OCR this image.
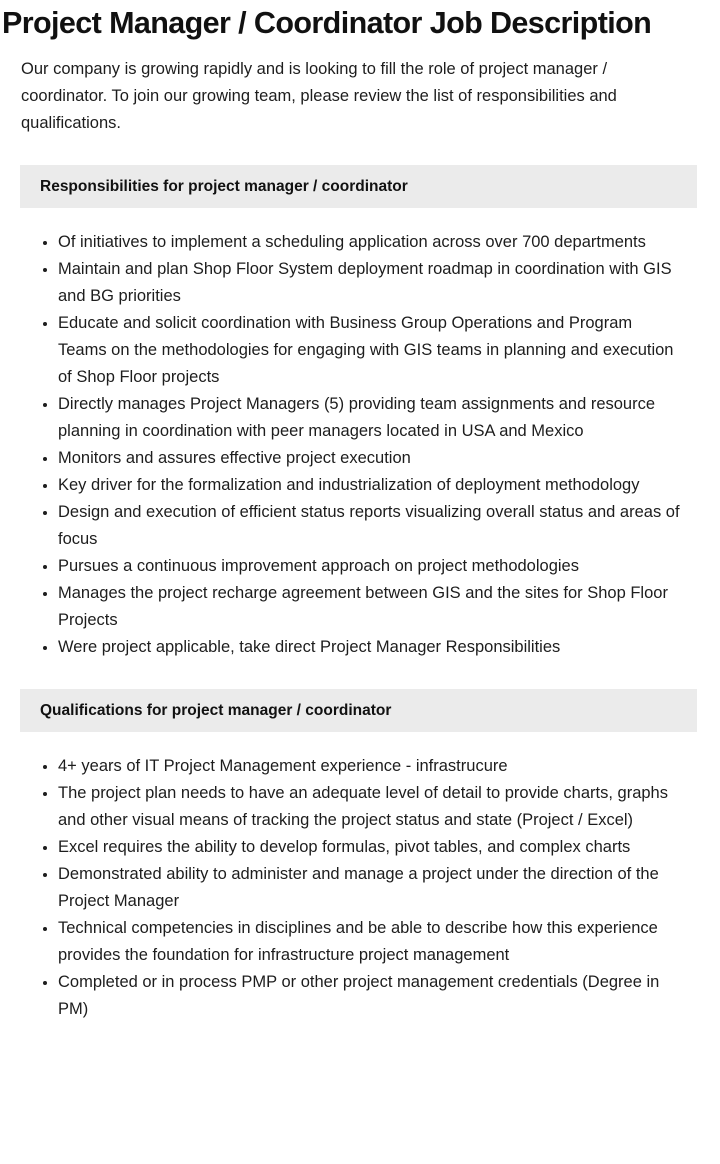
Project Manager / Coordinator Job Description

Our company is growing rapidly and is looking to fill the role of project manager / coordinator. To join our growing team, please review the list of responsibilities and qualifications.

Responsibilities for project manager / coordinator
Of initiatives to implement a scheduling application across over 700 departments
Maintain and plan Shop Floor System deployment roadmap in coordination with GIS and BG priorities
Educate and solicit coordination with Business Group Operations and Program Teams on the methodologies for engaging with GIS teams in planning and execution of Shop Floor projects
Directly manages Project Managers (5) providing team assignments and resource planning in coordination with peer managers located in USA and Mexico
Monitors and assures effective project execution
Key driver for the formalization and industrialization of deployment methodology
Design and execution of efficient status reports visualizing overall status and areas of focus
Pursues a continuous improvement approach on project methodologies
Manages the project recharge agreement between GIS and the sites for Shop Floor Projects
Were project applicable, take direct Project Manager Responsibilities
Qualifications for project manager / coordinator
4+ years of IT Project Management experience - infrastrucure
The project plan needs to have an adequate level of detail to provide charts, graphs and other visual means of tracking the project status and state (Project / Excel)
Excel requires the ability to develop formulas, pivot tables, and complex charts
Demonstrated ability to administer and manage a project under the direction of the Project Manager
Technical competencies in disciplines and be able to describe how this experience provides the foundation for infrastructure project management
Completed or in process PMP or other project management credentials (Degree in PM)
